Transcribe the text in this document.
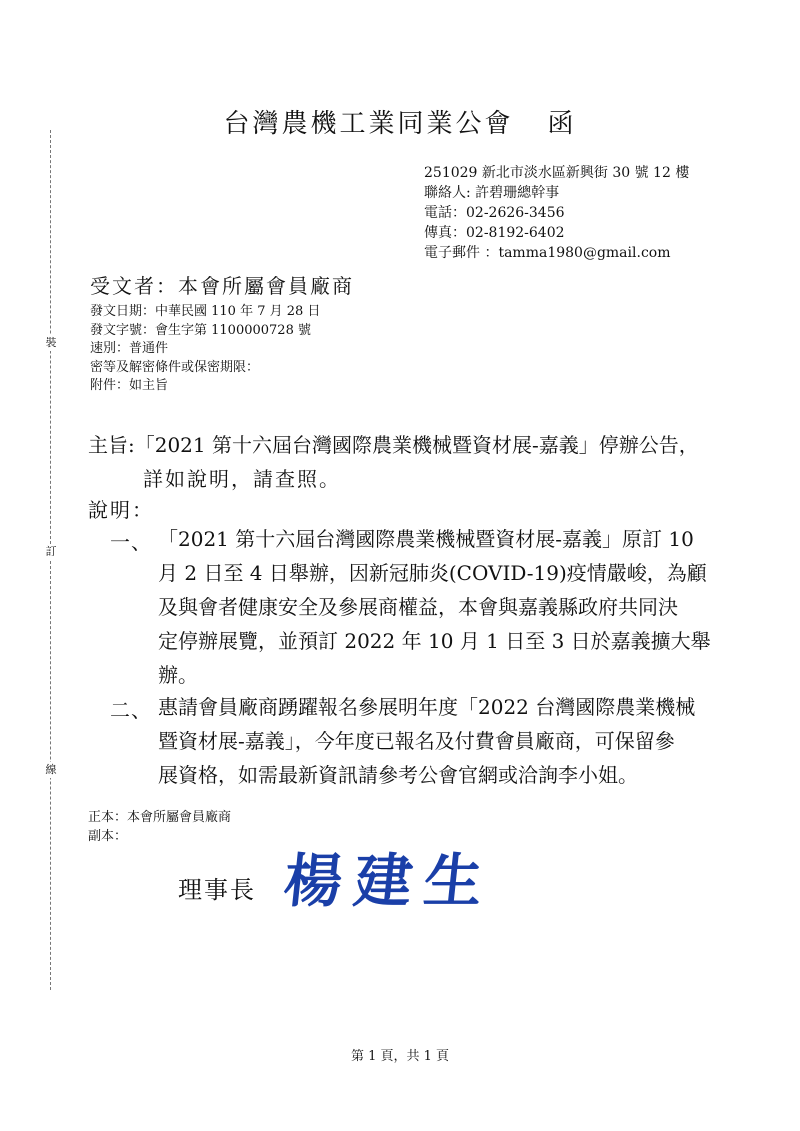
裝
訂
線
台灣農機工業同業公會 函
251029 新北市淡水區新興街 30 號 12 樓
聯絡人: 許碧珊總幹事
電話：02-2626-3456
傳真：02-8192-6402
電子郵件 ：tamma1980@gmail.com
受文者：本會所屬會員廠商
發文日期：中華民國 110 年 7 月 28 日
發文字號：會生字第 1100000728 號
速別：普通件
密等及解密條件或保密期限：
附件：如主旨
主旨:「2021 第十六屆台灣國際農業機械暨資材展-嘉義」停辦公告，
詳如說明，請查照。
說明：
一、 「2021 第十六屆台灣國際農業機械暨資材展-嘉義」原訂 10
月 2 日至 4 日舉辦，因新冠肺炎(COVID-19)疫情嚴峻，為顧
及與會者健康安全及參展商權益，本會與嘉義縣政府共同決
定停辦展覽，並預訂 2022 年 10 月 1 日至 3 日於嘉義擴大舉
辦。
二、 惠請會員廠商踴躍報名參展明年度「2022 台灣國際農業機械
暨資材展-嘉義」，今年度已報名及付費會員廠商，可保留參
展資格，如需最新資訊請參考公會官網或洽詢李小姐。
正本：本會所屬會員廠商
副本：
理事長 楊建生
第 1 頁，共 1 頁
